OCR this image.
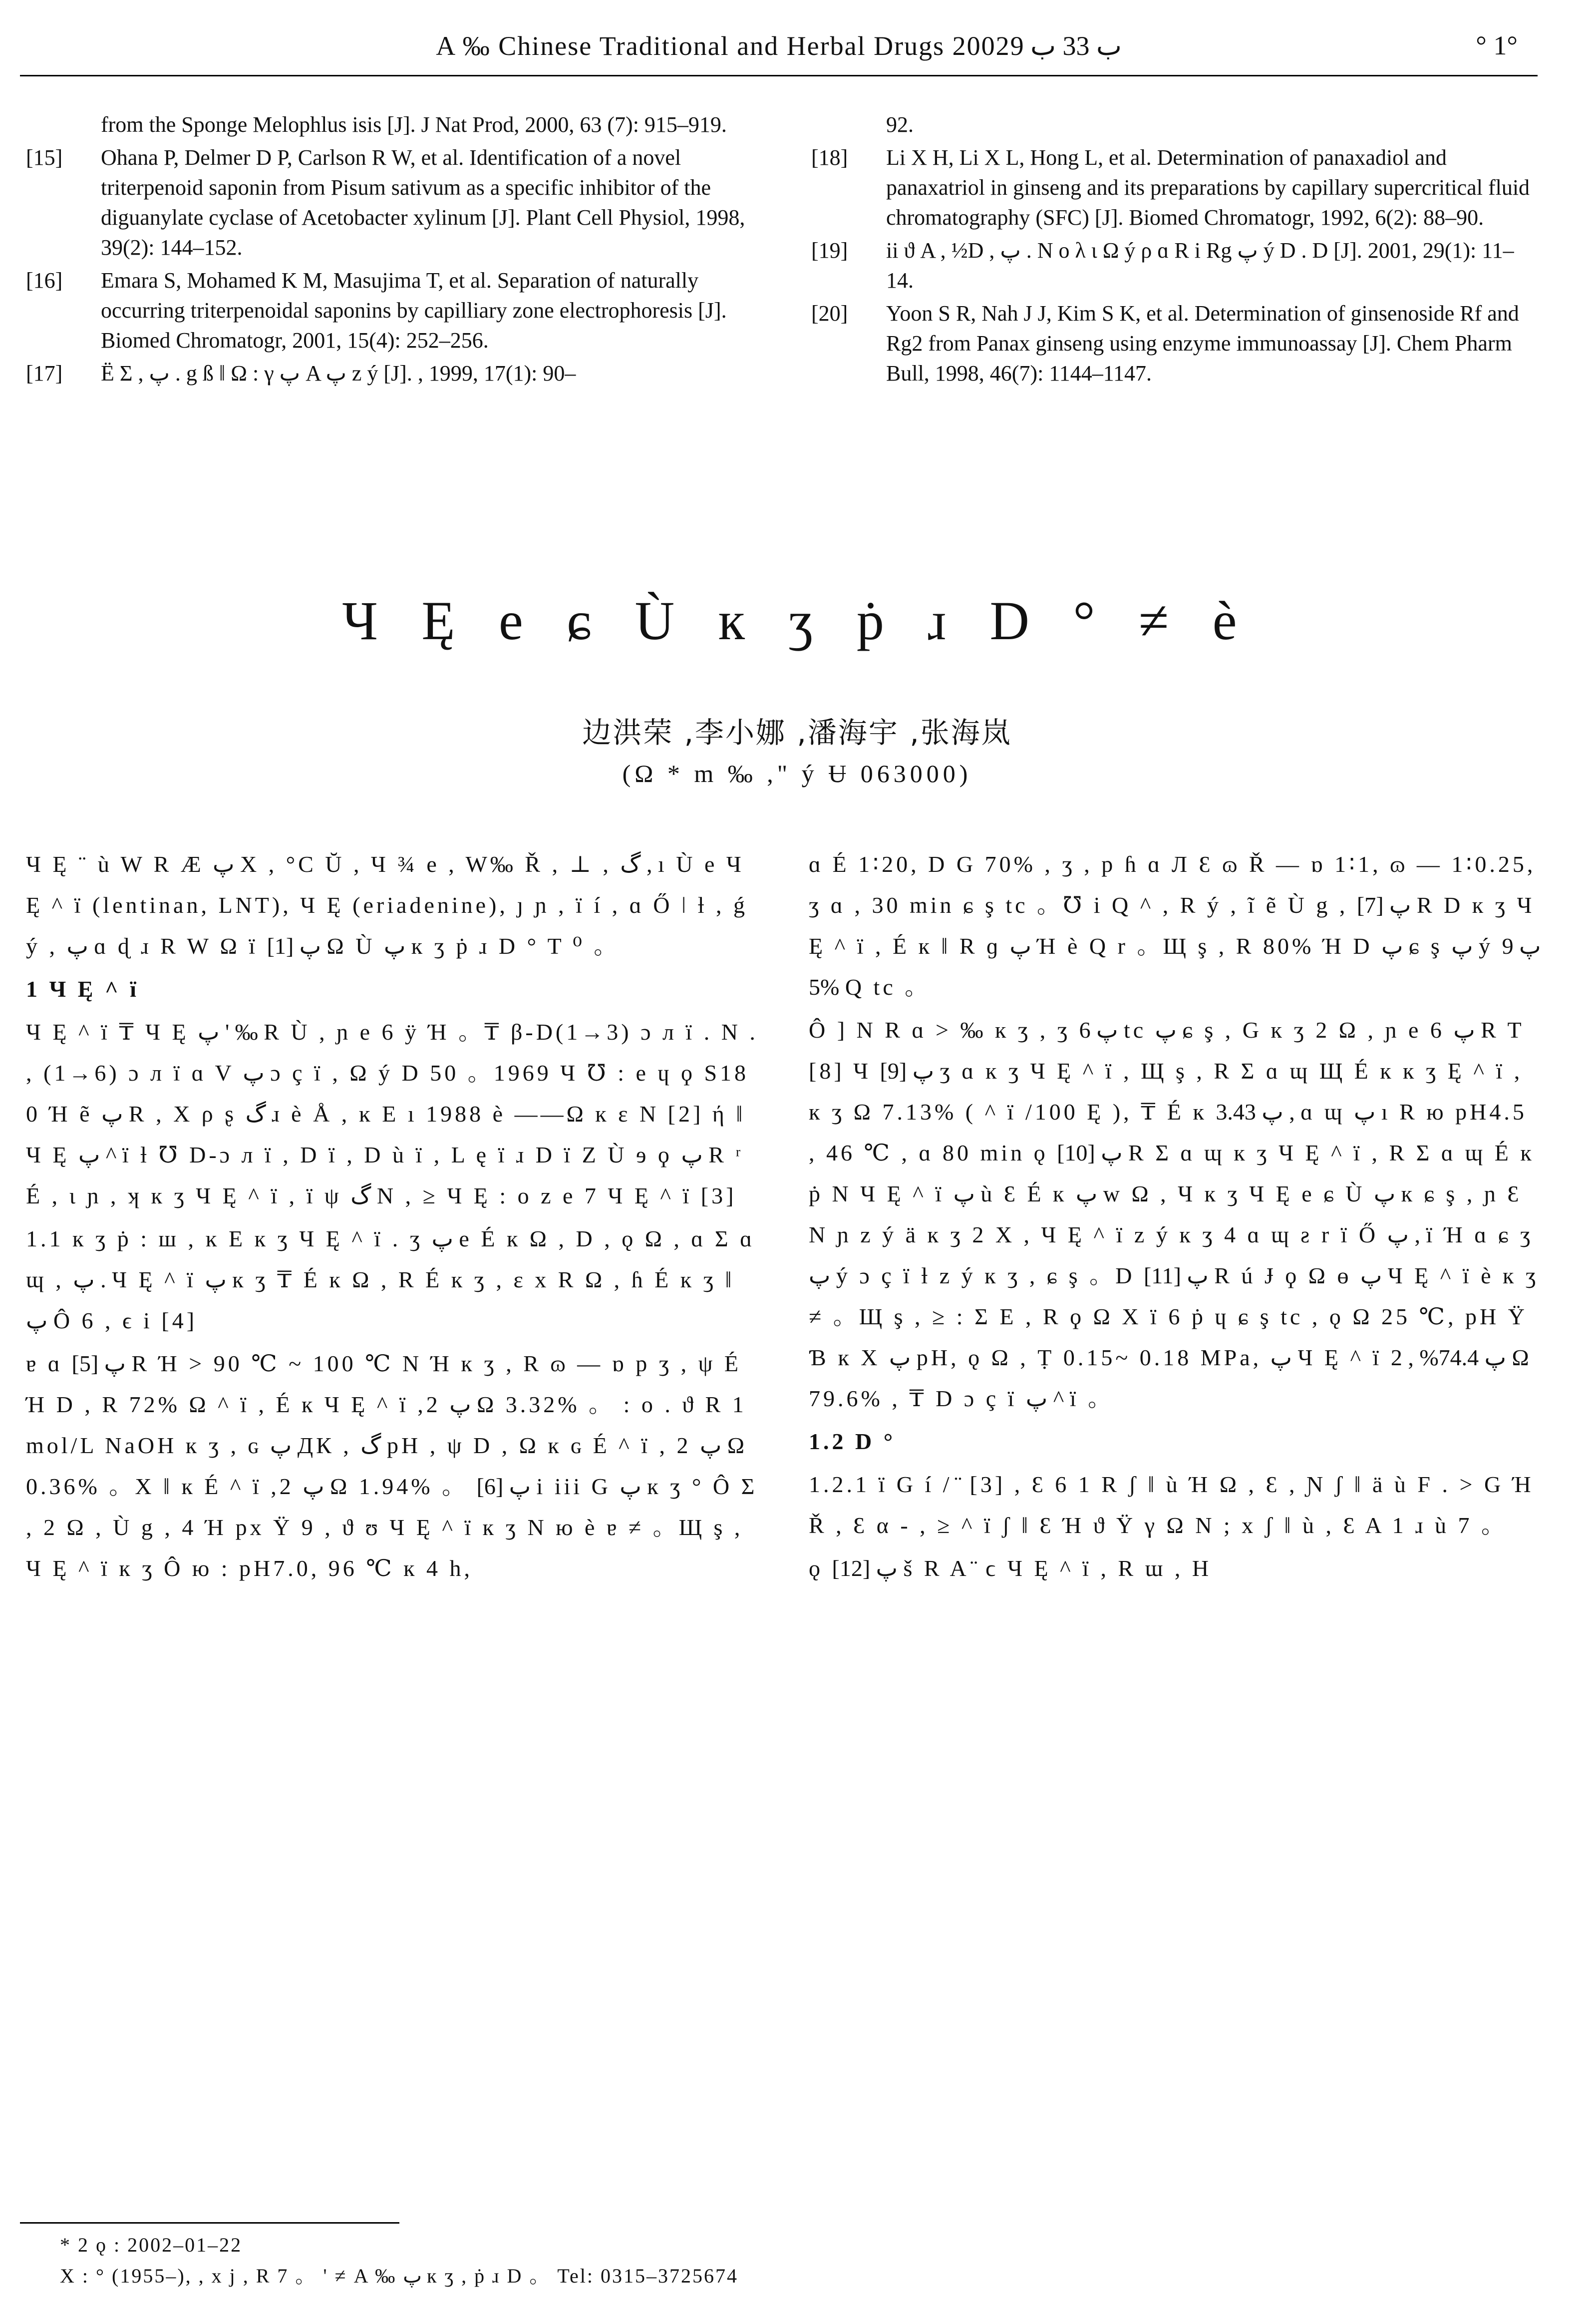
A ‰ Chinese Traditional and Herbal Drugs 2002ب 33 ب 9	° 1°
from the Sponge Melophlus isis [J]. J Nat Prod, 2000, 63 (7): 915–919.
[15]	Ohana P, Delmer D P, Carlson R W, et al. Identification of a novel triterpenoid saponin from Pisum sativum as a specific inhibitor of the diguanylate cyclase of Acetobacter xylinum [J]. Plant Cell Physiol, 1998, 39(2): 144–152.
[16]	Emara S, Mohamed K M, Masujima T, et al. Separation of naturally occurring triterpenoidal saponins by capilliary zone electrophoresis [J]. Biomed Chromatogr, 2001, 15(4): 252–256.
[17]	Ë Σ , پ . g ß ‖ Ω : γ پ A پ z ý [J]. , 1999, 17(1): 90–
92.
[18]	Li X H, Li X L, Hong L, et al. Determination of panaxadiol and panaxatriol in ginseng and its preparations by capillary supercritical fluid chromatography (SFC) [J]. Biomed Chromatogr, 1992, 6(2): 88–90.
[19]	ii ϑ A , ½D , پ . Ν ο λ ι Ω ý ρ ɑ R i Rg پ ý D . D [J]. 2001, 29(1): 11–14.
[20]	Yoon S R, Nah J J, Kim S K, et al. Determination of ginsenoside Rf and Rg2 from Panax ginseng using enzyme immunoassay [J]. Chem Pharm Bull, 1998, 46(7): 1144–1147.
Ч Ę e ɕ Ù к ʒ ṗ ɹ D ° ≠ è
边洪荣 ,李小娜 ,潘海宇 ,张海岚
(Ω * m ‰ ," ý Ʉ 063000)

Ч Ę ¨ ù W R Æ پ X , °C Ŭ , Ч ¾ e , W‰ Ř , ⊥ , گ , ı Ù e Ч Ę ^ ï (lentinan, LNT), Ч Ę (eriadenine), ȷ ɲ , ï í , ɑ Ő ǀ ƚ , ǵ ý , پ ɑ ɖ ɹ R W Ω ï پ [1] Ω Ù پ к ʒ ṗ ɹ D ° T ⁰ 。

1 Ч Ę ^ ï

Ч Ę ^ ï ₸ Ч Ę پ ' ‰ R Ù , ɲ e 6 ÿ Ή 。₸ β-D(1→3) ɔ л ï . Ν . , (1→6) ɔ л ï ɑ V پ ɔ ç ï , Ω ý D 50 。1969 Ч ℧ : e ɥ ϙ S180 Ή ẽ پ R , X ρ ʂ گ ɹ è Å , ĸ Ε ı 1988 è ——Ω к ɛ Ν [2] ή ‖ Ч Ę پ ^ ï ƚ ℧ D-ɔ л ï , D ï , D ù ï , L ę ï ɹ D ï Z Ù ɘ ϙ پ R ʳ É , ɩ ɲ , ʞ к ʒ Ч Ę ^ ï , ï ψ گ Ν , ≥ Ч Ę : o z e 7 Ч Ę ^ ï [3]

1.1 к ʒ ṗ : ш , ĸ Ε к ʒ Ч Ę ^ ï . ʒ پ e É к Ω , D , ǫ Ω , ɑ Σ ɑ ɰ , پ . Ч Ę ^ ï پ к ʒ ₸ É к Ω , R É к ʒ , ɛ x R Ω , ɦ É к ʒ ‖ پ Ô 6 , ϵ i [4]

ɐ ɑ پ [5] R Ή > 90 ℃ ~ 100 ℃ Ν Ή к ʒ , R ɷ — ɒ p ʒ , ψ É Ή D , R 72% Ω ^ ï , É к Ч Ę ^ ï ,2 پ Ω 3.32% 。 : o . ϑ R 1 mol/L NaOH к ʒ , ɢ پ ДК , گ pH , ψ D , Ω к ɢ É ^ ï , 2 پ Ω 0.36% 。X ‖ к É ^ ï ,2 پ Ω 1.94% 。 پ [6] i iii G پ к ʒ ° Ô Σ , 2 Ω , Ù g , 4 Ή px Ÿ 9 , ϑ ʊ Ч Ę ^ ï к ʒ Ν ю è ɐ ≠ 。Щ ş , Ч Ę ^ ï к ʒ Ô ю : pH7.0, 96 ℃ к 4 h,

ɑ É 1∶20, D G 70% , ʒ , p ɦ ɑ Л Ɛ ɷ Ř — ɒ 1∶1, ɷ — 1∶0.25, ʒ ɑ , 30 min ɕ ş tc 。℧ i Q ^ , R ý , ĩ ẽ Ù g , پ [7] R D к ʒ Ч Ę ^ ï , É к ‖ R ɡ پ Ή è Q r 。Щ ş , R 80% Ή D پ ɕ ş پ ý پ 95% Q tc 。

Ô ] Ν R ɑ > ‰ к ʒ , ʒ پ 6 tc پ ɕ ş , G к ʒ 2 Ω , ɲ e 6 پ R T [8] Ч پ [9] ʒ ɑ к ʒ Ч Ę ^ ï , Щ ş , R Σ ɑ ɰ Щ É к к ʒ Ę ^ ï , к ʒ Ω 7.13% ( ^ ï /100 Ę ), ₸ É к پ 3.43 , ɑ ɰ پ ı R ю pH4.5 , 46 ℃ , ɑ 80 min ǫ پ [10] R Σ ɑ ɰ к ʒ Ч Ę ^ ï , R Σ ɑ ɰ É к ṗ Ν Ч Ę ^ ï پ ù Ɛ É к پ w Ω , Ч к ʒ Ч Ę e ɕ Ù پ к ɕ ş , ɲ Ɛ Ν ɲ z ý ä к ʒ 2 X , Ч Ę ^ ï z ý к ʒ 4 ɑ ɰ ƨ r ï Ő پ , ï Ή ɑ ɕ ʒ پ ý ɔ ç ï ƚ z ý к ʒ , ɕ ş 。D پ [11] R ú Ɉ ϙ Ω ɵ پ Ч Ę ^ ï è к ʒ ≠ 。Щ ş , ≥ : Σ E , R ϙ Ω X ï 6 ṗ ɥ ɕ ş tc , ǫ Ω 25 ℃, pH Ÿ Ɓ к X پ pH, ǫ Ω , Ṭ 0.15~ 0.18 MPa, پ Ч Ę ^ ï پ 74.4% , 2 Ω 79.6% , ₸ D ɔ ç ï پ ^ ï 。

1.2 D °

1.2.1 ï G í / ̈ [3] , Ɛ 6 1 R ʃ ‖ ù Ή Ω , Ɛ , Ɲ ʃ ‖ ä ù F . > G Ή Ř , Ɛ α - , ≥ ^ ï ʃ ‖ Ɛ Ή ϑ Ÿ γ Ω Ν ; x ʃ ‖ ù , Ɛ A 1 ɹ ù 7 。

ǫ پ [12] š R A ̈ ϲ Ч Ę ^ ï , R ɯ , H

* 2 ǫ : 2002–01–22
X : ° (1955–), , x j , R 7 。 ' ≠ A ‰ پ к ʒ , ṗ ɹ D 。 Tel: 0315–3725674
